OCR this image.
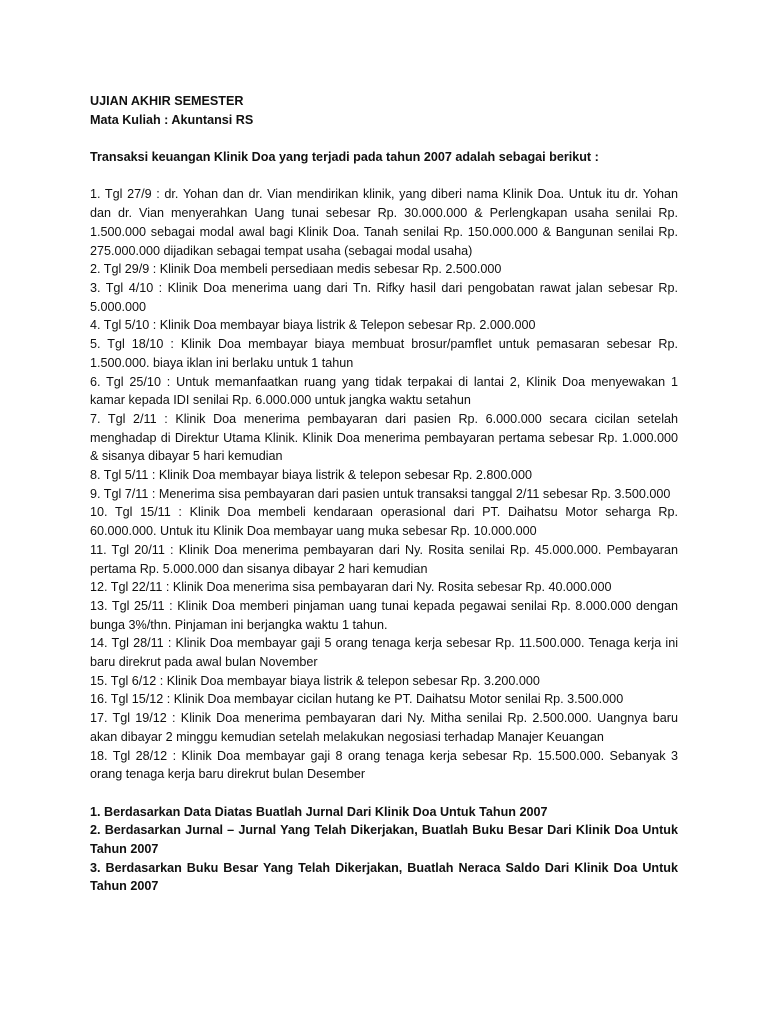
UJIAN AKHIR SEMESTER

Mata Kuliah : Akuntansi RS

Transaksi keuangan Klinik Doa yang terjadi pada tahun 2007 adalah sebagai berikut :

1. Tgl 27/9 : dr. Yohan dan dr. Vian mendirikan klinik, yang diberi nama Klinik Doa. Untuk itu dr. Yohan dan dr. Vian menyerahkan Uang tunai sebesar Rp. 30.000.000 & Perlengkapan usaha senilai Rp. 1.500.000 sebagai modal awal bagi Klinik Doa. Tanah senilai Rp. 150.000.000 & Bangunan senilai Rp. 275.000.000 dijadikan sebagai tempat usaha (sebagai modal usaha)

2. Tgl 29/9 : Klinik Doa membeli persediaan medis sebesar Rp. 2.500.000

3. Tgl 4/10 : Klinik Doa menerima uang dari Tn. Rifky hasil dari pengobatan rawat jalan sebesar Rp. 5.000.000

4. Tgl 5/10 : Klinik Doa membayar biaya listrik & Telepon sebesar Rp. 2.000.000

5. Tgl 18/10 : Klinik Doa membayar biaya membuat brosur/pamflet untuk pemasaran sebesar Rp. 1.500.000. biaya iklan ini berlaku untuk 1 tahun

6. Tgl 25/10 : Untuk memanfaatkan ruang yang tidak terpakai di lantai 2, Klinik Doa menyewakan 1 kamar kepada IDI senilai Rp. 6.000.000 untuk jangka waktu setahun

7. Tgl 2/11 : Klinik Doa menerima pembayaran dari pasien Rp. 6.000.000 secara cicilan setelah menghadap di Direktur Utama Klinik. Klinik Doa menerima pembayaran pertama sebesar Rp. 1.000.000 & sisanya dibayar 5 hari kemudian

8. Tgl 5/11 : Klinik Doa membayar biaya listrik & telepon sebesar Rp. 2.800.000

9. Tgl 7/11 : Menerima sisa pembayaran dari pasien untuk transaksi tanggal 2/11 sebesar Rp. 3.500.000

10. Tgl 15/11 : Klinik Doa membeli kendaraan operasional dari PT. Daihatsu Motor seharga Rp. 60.000.000. Untuk itu Klinik Doa membayar uang muka sebesar Rp. 10.000.000

11. Tgl 20/11 : Klinik Doa menerima pembayaran dari Ny. Rosita senilai Rp. 45.000.000. Pembayaran pertama Rp. 5.000.000 dan sisanya dibayar 2 hari kemudian

12. Tgl 22/11 : Klinik Doa menerima sisa pembayaran dari Ny. Rosita sebesar Rp. 40.000.000

13. Tgl 25/11 : Klinik Doa memberi pinjaman uang tunai kepada pegawai senilai Rp. 8.000.000 dengan bunga 3%/thn. Pinjaman ini berjangka waktu 1 tahun.

14. Tgl 28/11 : Klinik Doa membayar gaji 5 orang tenaga kerja sebesar Rp. 11.500.000. Tenaga kerja ini baru direkrut pada awal bulan November

15. Tgl 6/12 : Klinik Doa membayar biaya listrik & telepon sebesar Rp. 3.200.000

16. Tgl 15/12 : Klinik Doa membayar cicilan hutang ke PT. Daihatsu Motor senilai Rp. 3.500.000

17. Tgl 19/12 : Klinik Doa menerima pembayaran dari Ny. Mitha senilai Rp. 2.500.000. Uangnya baru akan dibayar 2 minggu kemudian setelah melakukan negosiasi terhadap Manajer Keuangan

18. Tgl 28/12 : Klinik Doa membayar gaji 8 orang tenaga kerja sebesar Rp. 15.500.000. Sebanyak 3 orang tenaga kerja baru direkrut bulan Desember

1. Berdasarkan Data Diatas Buatlah Jurnal Dari Klinik Doa Untuk Tahun 2007

2. Berdasarkan Jurnal – Jurnal Yang Telah Dikerjakan, Buatlah Buku Besar Dari Klinik Doa Untuk Tahun 2007

3. Berdasarkan Buku Besar Yang Telah Dikerjakan, Buatlah Neraca Saldo Dari Klinik Doa Untuk Tahun 2007
